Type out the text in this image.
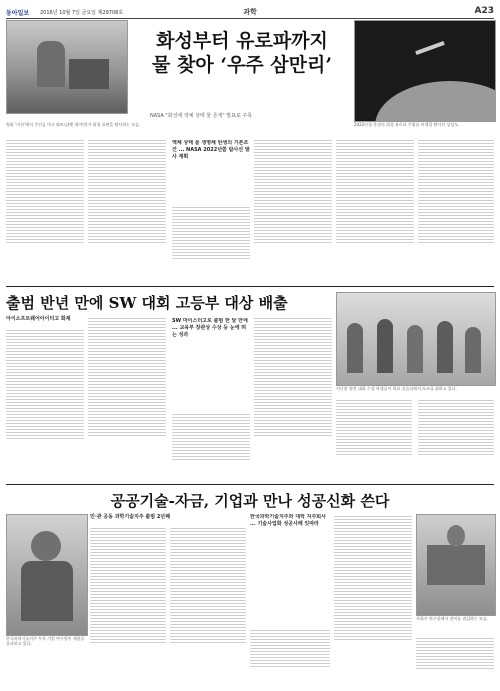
동아일보 2016년 10월 7일 금요일 제29708호	과학	A23
화성부터 유로파까지
물 찾아 ‘우주 삼만리’
NASA "화성에 액체 상태 물 존재" 발표로 주목
영화 ‘마션’에서 주인공 마크 와트니(맷 데이먼)가 화성 표면을 탐사하는 모습.	2022년경 목성의 위성 유로파 주위를 비행할 탐사선 상상도.
액체 상태 물 생명체 탄생의 기본조건 ... NASA 2022년쯤 탐사선 발사 계획
출범 반년 만에 SW 대회 고등부 대상 배출
아이소프트웨어아이티고 화제	SW 마이스터고로 출범 한 달 만에 ... 교육부 장관상 수상 등 눈에 띄는 성과
지난달 열린 대회 수상 학생들이 학교 실습실에서 포즈를 취하고 있다.
공공기술-자금, 기업과 만나 성공신화 쓴다
한국과학기술지주 투자 기업 연구원이 제품을 살펴보고 있다.
민·관 공동 과학기술지주 출범 2년째	한국과학기술지주와 대학 지주회사 ... 기술사업화 성공사례 잇따라
자회사 연구실에서 장비를 점검하는 모습.
